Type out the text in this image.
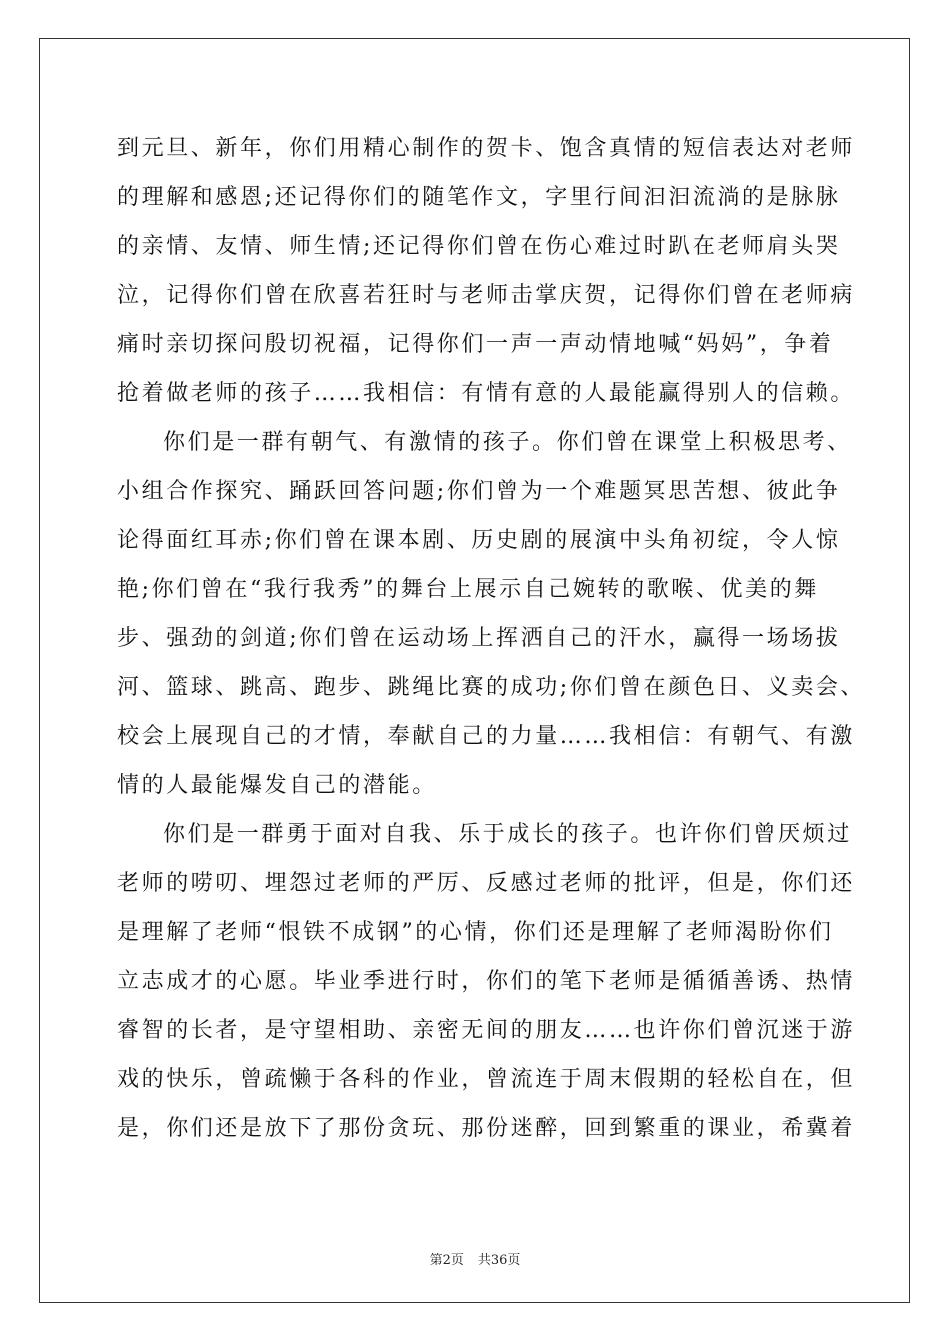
到元旦、新年，你们用精心制作的贺卡、饱含真情的短信表达对老师
的理解和感恩;还记得你们的随笔作文，字里行间汩汩流淌的是脉脉
的亲情、友情、师生情;还记得你们曾在伤心难过时趴在老师肩头哭
泣，记得你们曾在欣喜若狂时与老师击掌庆贺，记得你们曾在老师病
痛时亲切探问殷切祝福，记得你们一声一声动情地喊“妈妈”，争着
抢着做老师的孩子……我相信：有情有意的人最能赢得别人的信赖。
你们是一群有朝气、有激情的孩子。你们曾在课堂上积极思考、
小组合作探究、踊跃回答问题;你们曾为一个难题冥思苦想、彼此争
论得面红耳赤;你们曾在课本剧、历史剧的展演中头角初绽，令人惊
艳;你们曾在“我行我秀”的舞台上展示自己婉转的歌喉、优美的舞
步、强劲的剑道;你们曾在运动场上挥洒自己的汗水，赢得一场场拔
河、篮球、跳高、跑步、跳绳比赛的成功;你们曾在颜色日、义卖会、
校会上展现自己的才情，奉献自己的力量……我相信：有朝气、有激
情的人最能爆发自己的潜能。
你们是一群勇于面对自我、乐于成长的孩子。也许你们曾厌烦过
老师的唠叨、埋怨过老师的严厉、反感过老师的批评，但是，你们还
是理解了老师“恨铁不成钢”的心情，你们还是理解了老师渴盼你们
立志成才的心愿。毕业季进行时，你们的笔下老师是循循善诱、热情
睿智的长者，是守望相助、亲密无间的朋友……也许你们曾沉迷于游
戏的快乐，曾疏懒于各科的作业，曾流连于周末假期的轻松自在，但
是，你们还是放下了那份贪玩、那份迷醉，回到繁重的课业，希冀着
第2页 共36页
